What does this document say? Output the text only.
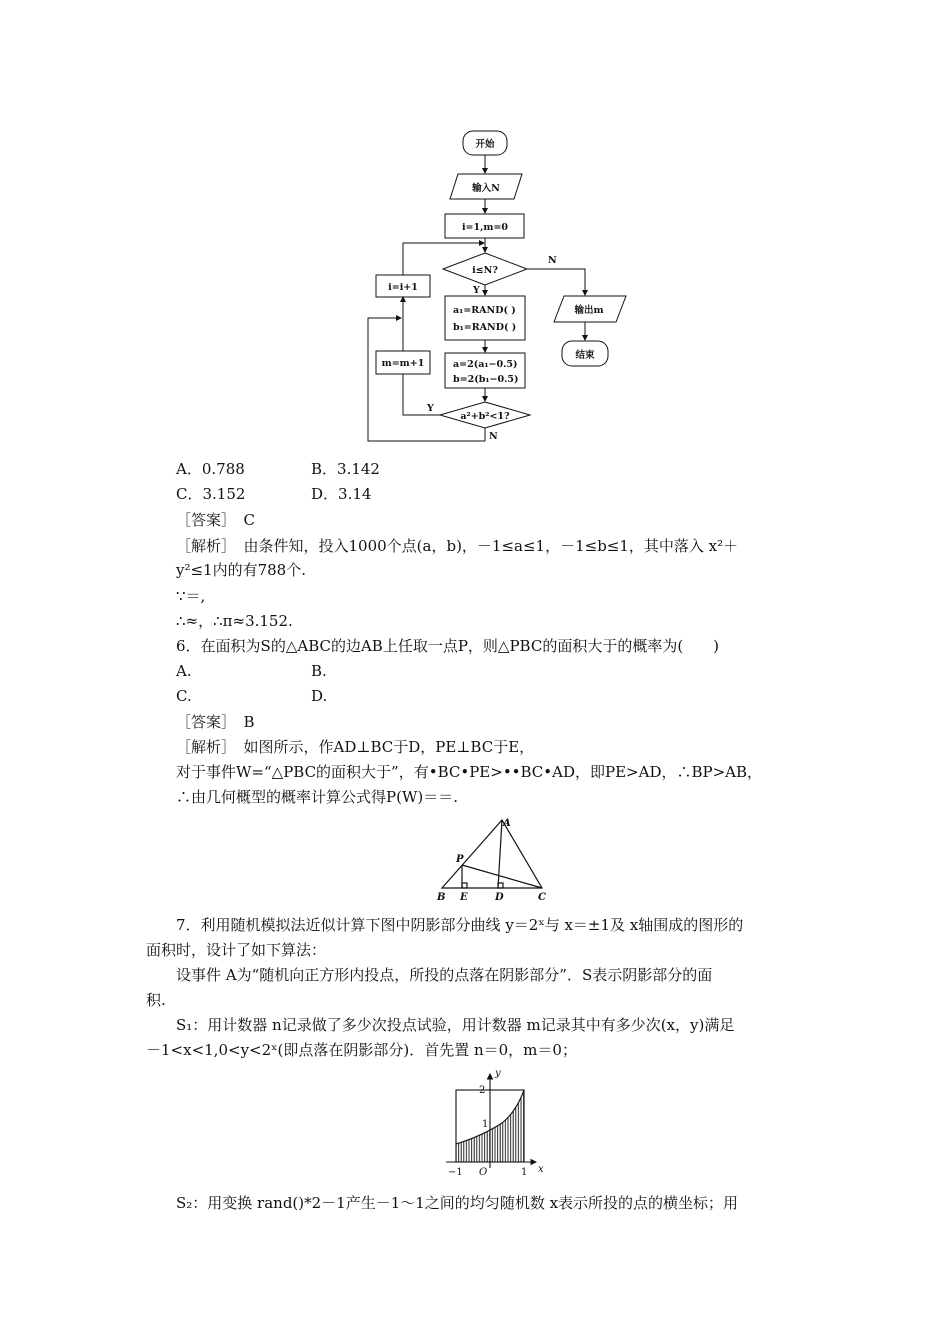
开始
输入N
i=1,m=0
i≤N?
Y
N
a₁=RAND( )
b₁=RAND( )
a=2(a₁−0.5)
b=2(b₁−0.5)
a²+b²<1?
Y
N
i=i+1
m=m+1
输出m
结束
A．0.788	B．3.142
C．3.152	D．3.14
［答案］　C
［解析］　由条件知，投入1000个点(a，b)，－1≤a≤1，－1≤b≤1，其中落入 x²＋
y²≤1内的有788个.
∵＝,
∴≈，∴π≈3.152.
6．在面积为S的△ABC的边AB上任取一点P，则△PBC的面积大于的概率为(　　)
A.	B.
C.	D.
［答案］　B
［解析］　如图所示，作AD⊥BC于D，PE⊥BC于E，
对于事件W=“△PBC的面积大于”，有•BC•PE>••BC•AD，即PE>AD，∴BP>AB，
∴由几何概型的概率计算公式得P(W)＝＝.
A
P
B E	D	C
7．利用随机模拟法近似计算下图中阴影部分曲线 y＝2ˣ与 x＝±1及 x轴围成的图形的
面积时，设计了如下算法：
设事件 A为“随机向正方形内投点，所投的点落在阴影部分”．S表示阴影部分的面
积.
S₁：用计数器 n记录做了多少次投点试验，用计数器 m记录其中有多少次(x，y)满足
－1<x<1,0<y<2ˣ(即点落在阴影部分)．首先置 n＝0，m＝0；
y
x
2
1
−1 O	1
S₂：用变换 rand()*2－1产生－1～1之间的均匀随机数 x表示所投的点的横坐标；用
